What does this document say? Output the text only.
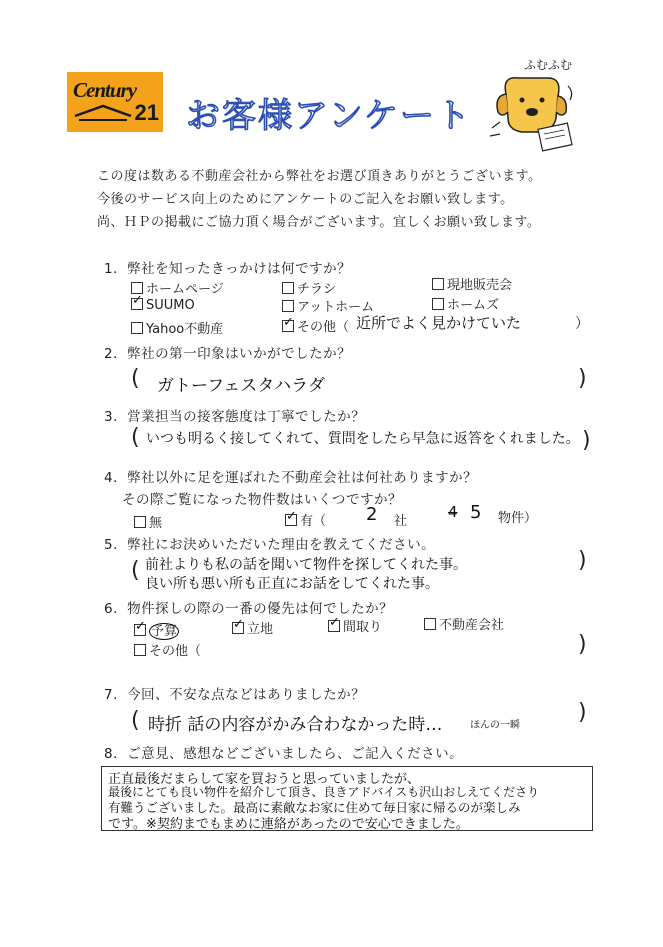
Century
21 お客様アンケート
ふむふむ
この度は数ある不動産会社から弊社をお選び頂きありがとうございます。
今後のサービス向上のためにアンケートのご記入をお願い致します。
尚、ＨＰの掲載にご協力頂く場合がございます。宜しくお願い致します。
1．弊社を知ったきっかけは何ですか？
ホームページ	チラシ	現地販売会
✓SUUMO	アットホーム	ホームズ
Yahoo不動産 ✓	その他（ 近所でよく見かけていた	）
2．弊社の第一印象はいかがでしたか？
( ガトーフェスタハラダ	)
3．営業担当の接客態度は丁寧でしたか？
( いつも明るく接してくれて、質問をしたら早急に返答をくれました。 )
4．弊社以外に足を運ばれた不動産会社は何社ありますか？
その際ご覧になった物件数はいくつですか？
無 ✓	有（ 2 社
4 5 物件）
5．弊社にお決めいただいた理由を教えてください。
( 前社よりも私の話を聞いて物件を探してくれた事。
良い所も悪い所も正直にお話をしてくれた事。
)
6．物件探しの際の一番の優先は何でしたか？
✓予算 ✓	立地 ✓	間取り	不動産会社
その他（	)
7．今回、不安な点などはありましたか？
( 時折 話の内容がかみ合わなかった時…	ほんの一瞬
)
8．ご意見、感想などございましたら、ご記入ください。
正直最後だまらして家を買おうと思っていましたが、
最後にとても良い物件を紹介して頂き、良きアドバイスも沢山おしえてくださり
有難うございました。最高に素敵なお家に住めて毎日家に帰るのが楽しみ
です。※契約までもまめに連絡があったので安心できました。
